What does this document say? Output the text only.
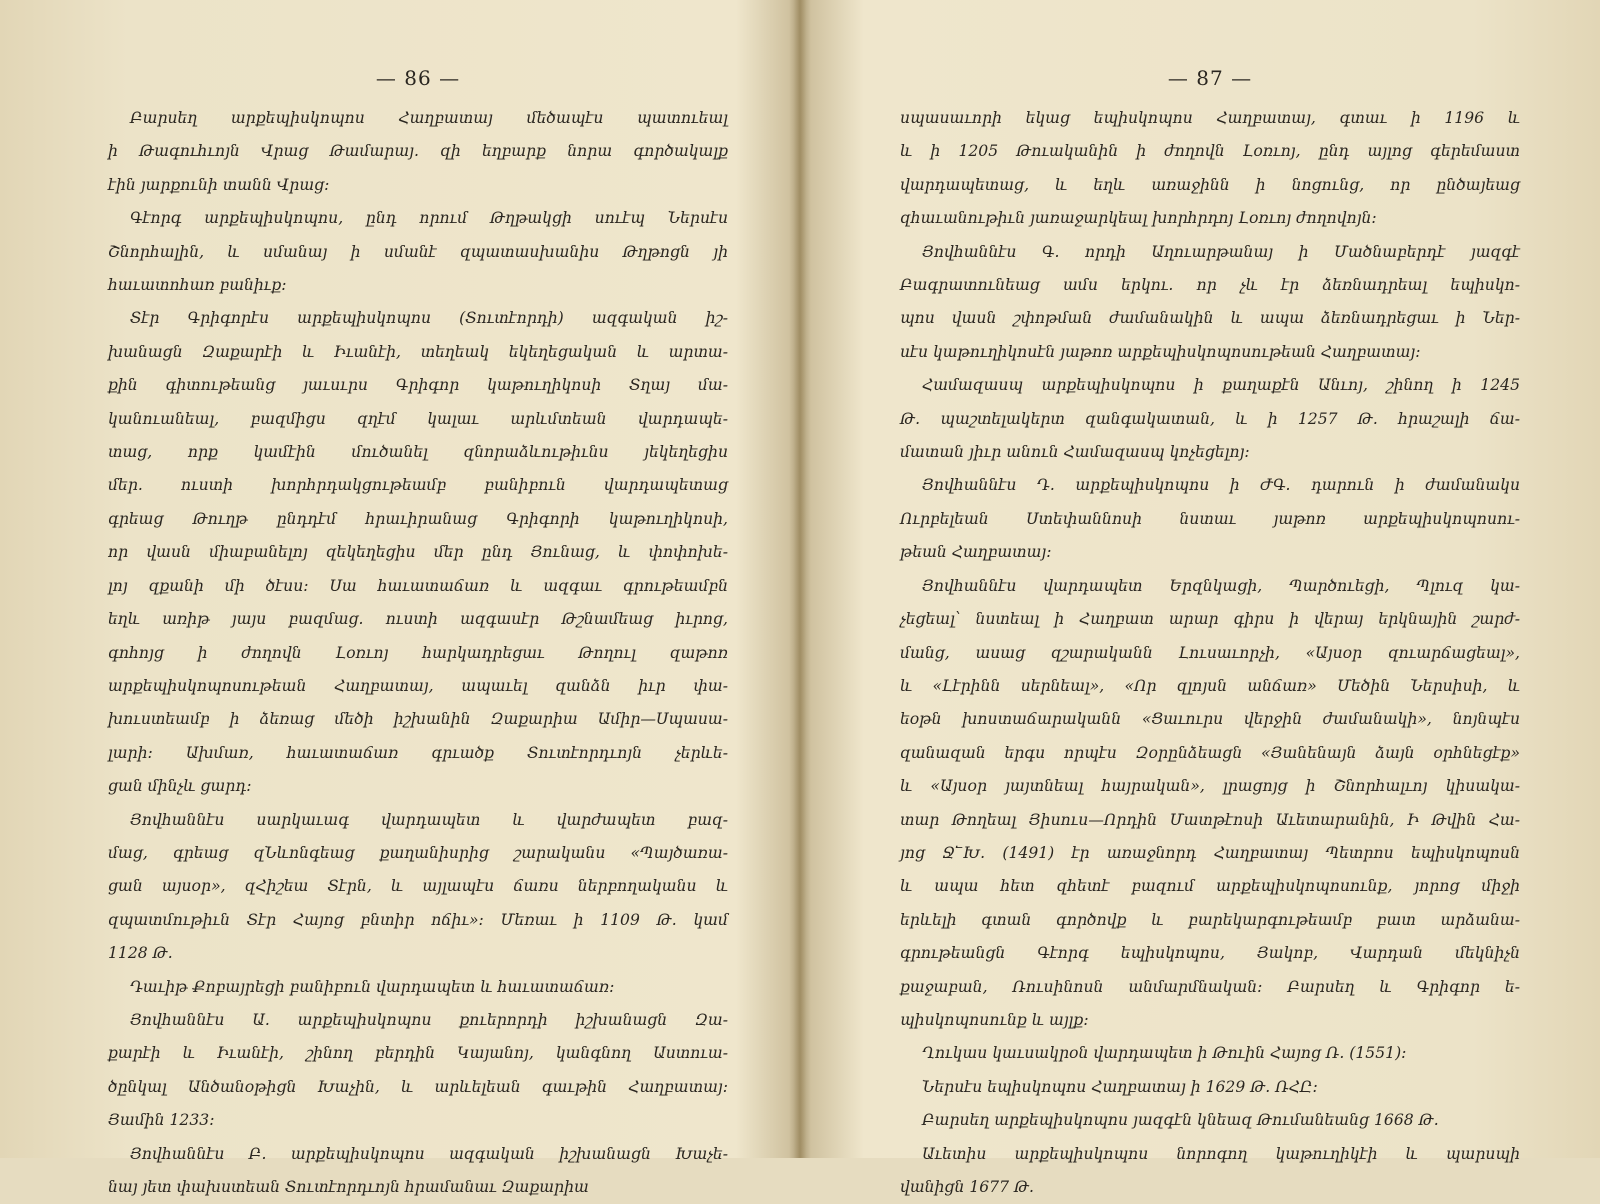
— 86 —
Բարսեղ արքեպիսկոպոս Հաղբատայ մեծապէս պատուեալ
ի Թագուհւոյն Վրաց Թամարայ. զի եղբարք նորա գործակալք
էին յարքունի տանն Վրաց։
Գէորգ արքեպիսկոպոս, ընդ որում Թղթակցի սուէպ Ներսէս
Շնորհալին, և սմանայ ի սմանէ զպատասխանիս Թղթոցն յի
հաւատոհառ բանիւք։
Տէր Գրիգորէս արքեպիսկոպոս (Տուտէորդի) ազգական իշ-
խանացն Զաքարէի և Իւանէի, տեղեակ եկեղեցական և արտա-
քին գիտութեանց յաւսւրս Գրիգոր կաթուղիկոսի Տղայ մա-
կանուանեալ, բազմիցս զղէմ կալաւ արևմտեան վարդապե-
տաց, որք կամէին մուծանել զնորաձևութիւնս յեկեղեցիս
մեր. ուստի խորհրդակցութեամբ բանիբուն վարդապետաց
գրեաց Թուղթ ընդդէմ հրաւիրանաց Գրիգորի կաթուղիկոսի,
որ վասն միաբանելոյ զեկեղեցիս մեր ընդ Յունաց, և փոփոխե-
լոյ զքանի մի ծէսս։ Սա հաւատաճառ և ազգաւ գրութեամբն
եղև առիթ յայս բազմաց. ուստի ազգասէր Թշնամեաց իւրոց,
գոհոյց ի ժողովն Լօռւոյ հարկադրեցաւ Թողուլ զաթոռ
արքեպիսկոպոսութեան Հաղբատայ, ապաւել զանձն իւր փա-
խուստեամբ ի ձեռաց մեծի իշխանին Զաքարիա Ամիր—Սպասա-
լարի։ Ախմառ, հաւատաճառ գրւածք Տուտէորդւոյն չերևե-
ցան մինչև ցարդ։
Յովհաննէս սարկաւագ վարդապետ և վարժապետ բազ-
մաց, գրեաց զՆևոնգեաց քաղանիսրից շարականս «Պայծառա-
ցան այսօր», զՀիշեա Տէրն, և այլապէս ճառս ներբողականս և
զպատմութիւն Տէր Հայոց բնտիր ոճիւ»։ Մեռաւ ի 1109 Թ. կամ
1128 Թ.
Դաւիթ Քոբայրեցի բանիբուն վարդապետ և հաւատաճառ։
Յովհաննէս Ա. արքեպիսկոպոս քուերորդի իշխանացն Զա-
քարէի և Իւանէի, շինող բերդին Կայանոյ, կանգնող Աստուա-
ծընկալ Անծանօթիցն Խաչին, և արևելեան գաւթին Հաղբատայ։
Յամին 1233։
Յովհաննէս Բ. արքեպիսկոպոս ազգական իշխանացն Խաչե-
նայ յետ փախստեան Տուտէորդւոյն հրամանաւ Զաքարիա
— 87 —
սպասաւորի եկաց եպիսկոպոս Հաղբատայ, գտաւ ի 1196 և
և ի 1205 Թուականին ի ժողովն Լօռւոյ, ընդ այլոց գերեմաստ
վարդապետաց, և եղև առաջինն ի նոցունց, որ ընծայեաց
զհաւանութիւն յառաջարկեալ խորհրդոյ Լօռւոյ ժողովոյն։
Յովհաննէս Գ. որդի Աղուարթանայ ի Մածնաբերդէ յազգէ
Բագրատունեաց ամս երկու. որ չև էր ձեռնադրեալ եպիսկո-
պոս վասն շփոթման ժամանակին և ապա ձեռնադրեցաւ ի Ներ-
սէս կաթուղիկոսէն յաթոռ արքեպիսկոպոսութեան Հաղբատայ։
Համազասպ արքեպիսկոպոս ի քաղաքէն Անւոյ, շինող ի 1245
Թ. պաշտելակերտ զանգակատան, և ի 1257 Թ. հրաշալի ճա-
մատան յիւր անուն Համազասպ կոչեցելոյ։
Յովհաննէս Դ. արքեպիսկոպոս ի ԺԳ. դարուն ի ժամանակս
Ուրբելեան Ստեփաննոսի նստաւ յաթոռ արքեպիսկոպոսու-
թեան Հաղբատայ։
Յովհաննէս վարդապետ Երզնկացի, Պարծուեցի, Պլուզ կա-
չեցեալ՝ նստեալ ի Հաղբատ արար գիրս ի վերայ երկնային շարժ-
մանց, ասաց զշարականն Լուսաւորչի, «Այսօր զուարճացեալ»,
և «Լէրինն սերնեալ», «Որ զլոյսն անճառ» Մեծին Ներսիսի, և
եօթն խոստաճարականն «Ցաւուրս վերջին ժամանակի», նոյնպէս
զանազան երգս որպէս Զօրընձեացն «Յանենայն ձայն օրհնեցէք»
և «Այսօր յայտնեալ հայրական», լրացոյց ի Շնորհալւոյ կիսակա-
տար Թողեալ Յիսուս—Որդին Մատթէոսի Աւետարանին, Ի Թվին Հա-
յոց Ջ՟Խ. (1491) էր առաջնորդ Հաղբատայ Պետրոս եպիսկոպոսն
և ապա հետ զհետէ բազում արքեպիսկոպոսունք, յորոց միջի
երևելի գտան գործովք և բարեկարգութեամբ բատ արձանա-
գրութեանցն Գէորգ եպիսկոպոս, Յակոբ, Վարդան մեկնիչն
քաջաբան, Ռուսինոսն անմարմնական։ Բարսեղ և Գրիգոր ե-
պիսկոպոսունք և այլք։
Ղուկաս կաւսակրօն վարդապետ ի Թուին Հայոց Ռ. (1551)։
Ներսէս եպիսկոպոս Հաղբատայ ի 1629 Թ. ՌՀԸ։
Բարսեղ արքեպիսկոպոս յազգէն կնեազ Թումանեանց 1668 Թ.
Աւետիս արքեպիսկոպոս նորոգող կաթուղիկէի և պարսպի
վանիցն 1677 Թ.
